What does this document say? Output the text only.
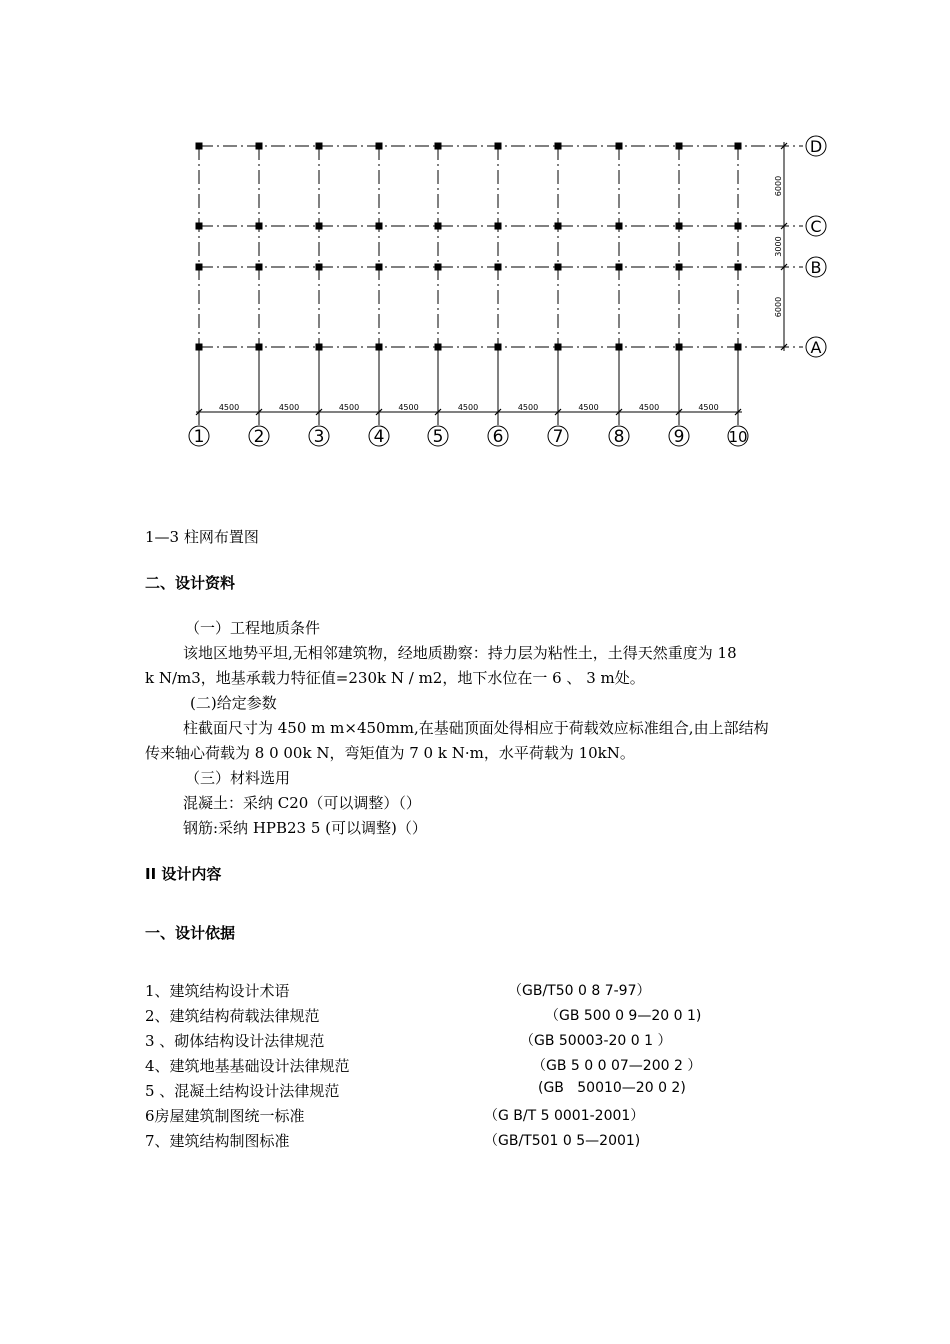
4500	4500	4500	4500	4500	4500	4500	4500	4500
6000
3000
6000
1	2	3	4	5	6	7	8	9	10
D
C
B
A
1—3 柱网布置图
二、设计资料
（一）工程地质条件
该地区地势平坦,无相邻建筑物，经地质勘察：持力层为粘性土，土得天然重度为 18
k N/m3，地基承载力特征值=230k N / m2，地下水位在一 6 、 3 m处。
(二)给定参数
柱截面尺寸为 450 m m×450mm,在基础顶面处得相应于荷载效应标准组合,由上部结构
传来轴心荷载为 8 0 00k N，弯矩值为 7 0 k N·m，水平荷载为 10kN。
（三）材料选用
混凝土：采纳 C20（可以调整）（）
钢筋:采纳 HPB23 5 (可以调整)（）
II 设计内容
一、设计依据
1、建筑结构设计术语	（GB/T50 0 8 7-97）
2、建筑结构荷载法律规范	（GB 500 0 9—20 0 1)
3 、砌体结构设计法律规范	（GB 50003-20 0 1 ）
4、建筑地基基础设计法律规范	（GB 5 0 0 07—200 2 ）
5 、混凝土结构设计法律规范	(GB   50010—20 0 2)
6房屋建筑制图统一标准	（G B/T 5 0001-2001）
7、建筑结构制图标准	（GB/T501 0 5—2001)
